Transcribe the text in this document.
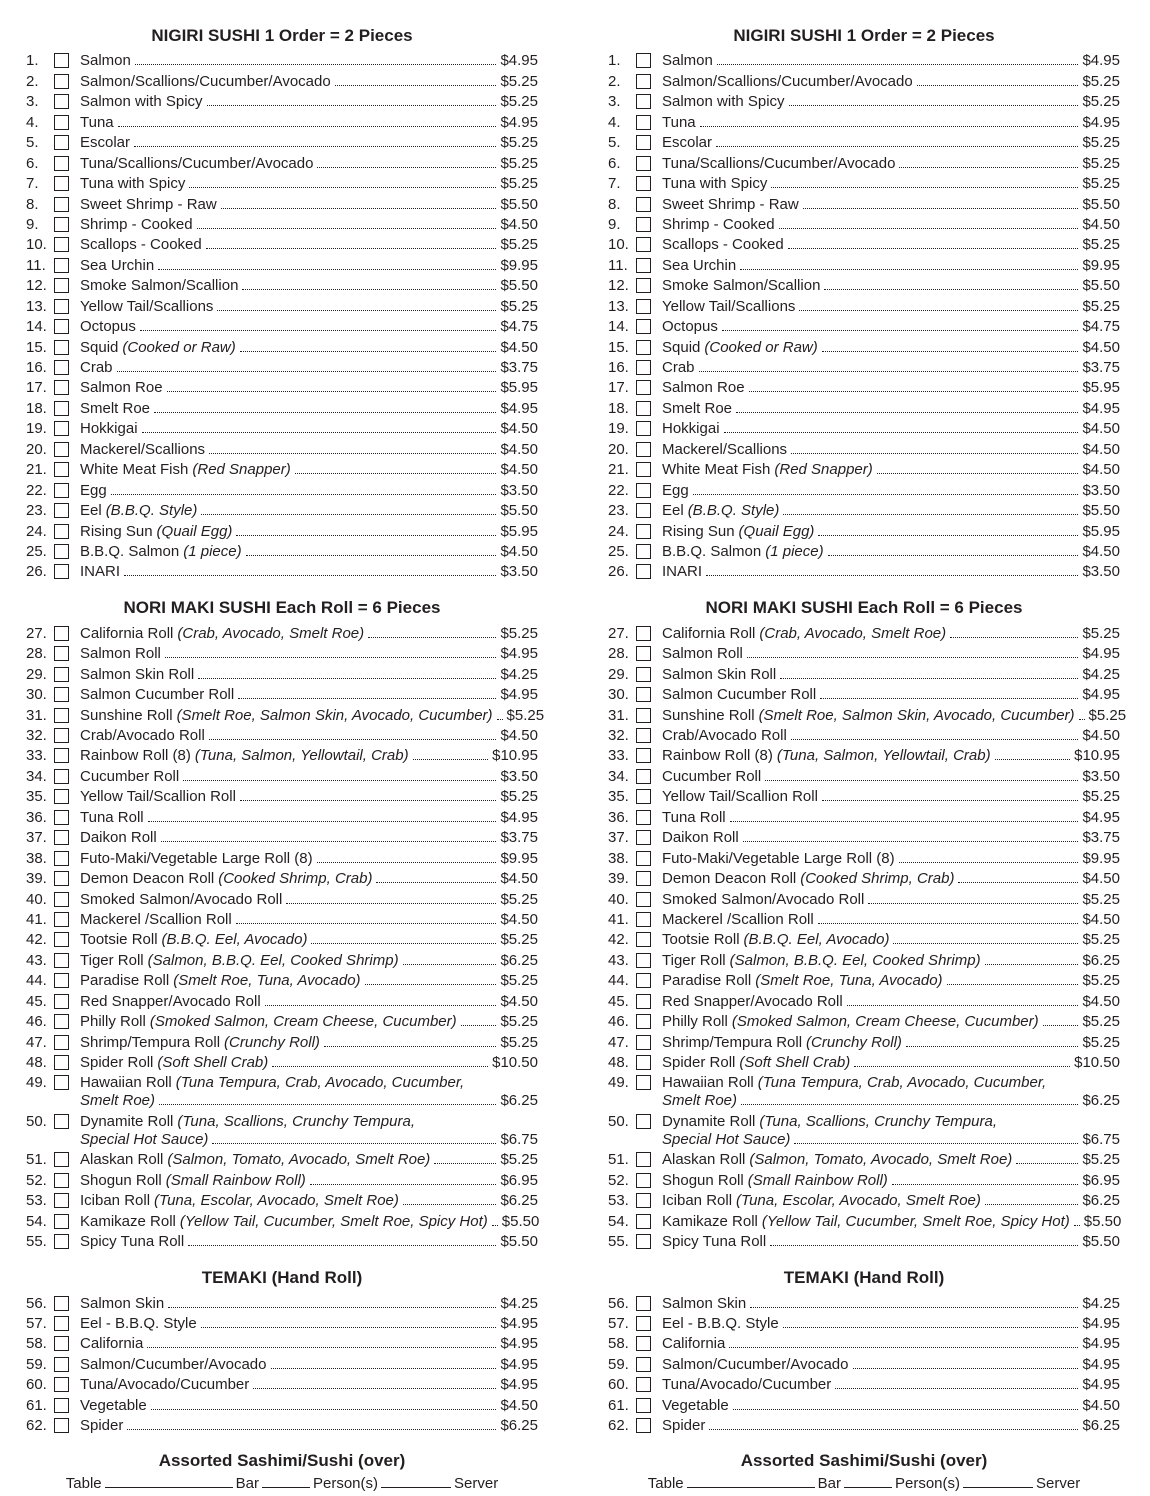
NIGIRI SUSHI 1 Order = 2 Pieces
1.	Salmon	$4.95
2.	Salmon/Scallions/Cucumber/Avocado	$5.25
3.	Salmon with Spicy	$5.25
4.	Tuna	$4.95
5.	Escolar	$5.25
6.	Tuna/Scallions/Cucumber/Avocado	$5.25
7.	Tuna with Spicy	$5.25
8.	Sweet Shrimp - Raw	$5.50
9.	Shrimp - Cooked	$4.50
10.	Scallops - Cooked	$5.25
11.	Sea Urchin	$9.95
12.	Smoke Salmon/Scallion	$5.50
13.	Yellow Tail/Scallions	$5.25
14.	Octopus	$4.75
15.	Squid (Cooked or Raw)	$4.50
16.	Crab	$3.75
17.	Salmon Roe	$5.95
18.	Smelt Roe	$4.95
19.	Hokkigai	$4.50
20.	Mackerel/Scallions	$4.50
21.	White Meat Fish (Red Snapper)	$4.50
22.	Egg	$3.50
23.	Eel (B.B.Q. Style)	$5.50
24.	Rising Sun (Quail Egg)	$5.95
25.	B.B.Q. Salmon (1 piece)	$4.50
26.	INARI	$3.50
NORI MAKI SUSHI Each Roll = 6 Pieces
27.	California Roll (Crab, Avocado, Smelt Roe)	$5.25
28.	Salmon Roll	$4.95
29.	Salmon Skin Roll	$4.25
30.	Salmon Cucumber Roll	$4.95
31.	Sunshine Roll (Smelt Roe, Salmon Skin, Avocado, Cucumber) $5.25
32.	Crab/Avocado Roll	$4.50
33.	Rainbow Roll (8) (Tuna, Salmon, Yellowtail, Crab)	$10.95
34.	Cucumber Roll	$3.50
35.	Yellow Tail/Scallion Roll	$5.25
36.	Tuna Roll	$4.95
37.	Daikon Roll	$3.75
38.	Futo-Maki/Vegetable Large Roll (8)	$9.95
39.	Demon Deacon Roll (Cooked Shrimp, Crab)	$4.50
40.	Smoked Salmon/Avocado Roll	$5.25
41.	Mackerel /Scallion Roll	$4.50
42.	Tootsie Roll (B.B.Q. Eel, Avocado)	$5.25
43.	Tiger Roll (Salmon, B.B.Q. Eel, Cooked Shrimp)	$6.25
44.	Paradise Roll (Smelt Roe, Tuna, Avocado)	$5.25
45.	Red Snapper/Avocado Roll	$4.50
46.	Philly Roll (Smoked Salmon, Cream Cheese, Cucumber)	$5.25
47.	Shrimp/Tempura Roll (Crunchy Roll)	$5.25
48.	Spider Roll (Soft Shell Crab)	$10.50
49.	Hawaiian Roll (Tuna Tempura, Crab, Avocado, Cucumber,
Smelt Roe)	$6.25
50.	Dynamite Roll (Tuna, Scallions, Crunchy Tempura,
Special Hot Sauce)	$6.75
51.	Alaskan Roll (Salmon, Tomato, Avocado, Smelt Roe)	$5.25
52.	Shogun Roll (Small Rainbow Roll)	$6.95
53.	Iciban Roll (Tuna, Escolar, Avocado, Smelt Roe)	$6.25
54.	Kamikaze Roll (Yellow Tail, Cucumber, Smelt Roe, Spicy Hot) $5.50
55.	Spicy Tuna Roll	$5.50
TEMAKI (Hand Roll)
56.	Salmon Skin	$4.25
57.	Eel - B.B.Q. Style	$4.95
58.	California	$4.95
59.	Salmon/Cucumber/Avocado	$4.95
60.	Tuna/Avocado/Cucumber	$4.95
61.	Vegetable	$4.50
62.	Spider	$6.25
Assorted Sashimi/Sushi (over)
Table	Bar	Person(s)	Server
NIGIRI SUSHI 1 Order = 2 Pieces
1.	Salmon	$4.95
2.	Salmon/Scallions/Cucumber/Avocado	$5.25
3.	Salmon with Spicy	$5.25
4.	Tuna	$4.95
5.	Escolar	$5.25
6.	Tuna/Scallions/Cucumber/Avocado	$5.25
7.	Tuna with Spicy	$5.25
8.	Sweet Shrimp - Raw	$5.50
9.	Shrimp - Cooked	$4.50
10.	Scallops - Cooked	$5.25
11.	Sea Urchin	$9.95
12.	Smoke Salmon/Scallion	$5.50
13.	Yellow Tail/Scallions	$5.25
14.	Octopus	$4.75
15.	Squid (Cooked or Raw)	$4.50
16.	Crab	$3.75
17.	Salmon Roe	$5.95
18.	Smelt Roe	$4.95
19.	Hokkigai	$4.50
20.	Mackerel/Scallions	$4.50
21.	White Meat Fish (Red Snapper)	$4.50
22.	Egg	$3.50
23.	Eel (B.B.Q. Style)	$5.50
24.	Rising Sun (Quail Egg)	$5.95
25.	B.B.Q. Salmon (1 piece)	$4.50
26.	INARI	$3.50
NORI MAKI SUSHI Each Roll = 6 Pieces
27.	California Roll (Crab, Avocado, Smelt Roe)	$5.25
28.	Salmon Roll	$4.95
29.	Salmon Skin Roll	$4.25
30.	Salmon Cucumber Roll	$4.95
31.	Sunshine Roll (Smelt Roe, Salmon Skin, Avocado, Cucumber) $5.25
32.	Crab/Avocado Roll	$4.50
33.	Rainbow Roll (8) (Tuna, Salmon, Yellowtail, Crab)	$10.95
34.	Cucumber Roll	$3.50
35.	Yellow Tail/Scallion Roll	$5.25
36.	Tuna Roll	$4.95
37.	Daikon Roll	$3.75
38.	Futo-Maki/Vegetable Large Roll (8)	$9.95
39.	Demon Deacon Roll (Cooked Shrimp, Crab)	$4.50
40.	Smoked Salmon/Avocado Roll	$5.25
41.	Mackerel /Scallion Roll	$4.50
42.	Tootsie Roll (B.B.Q. Eel, Avocado)	$5.25
43.	Tiger Roll (Salmon, B.B.Q. Eel, Cooked Shrimp)	$6.25
44.	Paradise Roll (Smelt Roe, Tuna, Avocado)	$5.25
45.	Red Snapper/Avocado Roll	$4.50
46.	Philly Roll (Smoked Salmon, Cream Cheese, Cucumber)	$5.25
47.	Shrimp/Tempura Roll (Crunchy Roll)	$5.25
48.	Spider Roll (Soft Shell Crab)	$10.50
49.	Hawaiian Roll (Tuna Tempura, Crab, Avocado, Cucumber,
Smelt Roe)	$6.25
50.	Dynamite Roll (Tuna, Scallions, Crunchy Tempura,
Special Hot Sauce)	$6.75
51.	Alaskan Roll (Salmon, Tomato, Avocado, Smelt Roe)	$5.25
52.	Shogun Roll (Small Rainbow Roll)	$6.95
53.	Iciban Roll (Tuna, Escolar, Avocado, Smelt Roe)	$6.25
54.	Kamikaze Roll (Yellow Tail, Cucumber, Smelt Roe, Spicy Hot) $5.50
55.	Spicy Tuna Roll	$5.50
TEMAKI (Hand Roll)
56.	Salmon Skin	$4.25
57.	Eel - B.B.Q. Style	$4.95
58.	California	$4.95
59.	Salmon/Cucumber/Avocado	$4.95
60.	Tuna/Avocado/Cucumber	$4.95
61.	Vegetable	$4.50
62.	Spider	$6.25
Assorted Sashimi/Sushi (over)
Table	Bar	Person(s)	Server
